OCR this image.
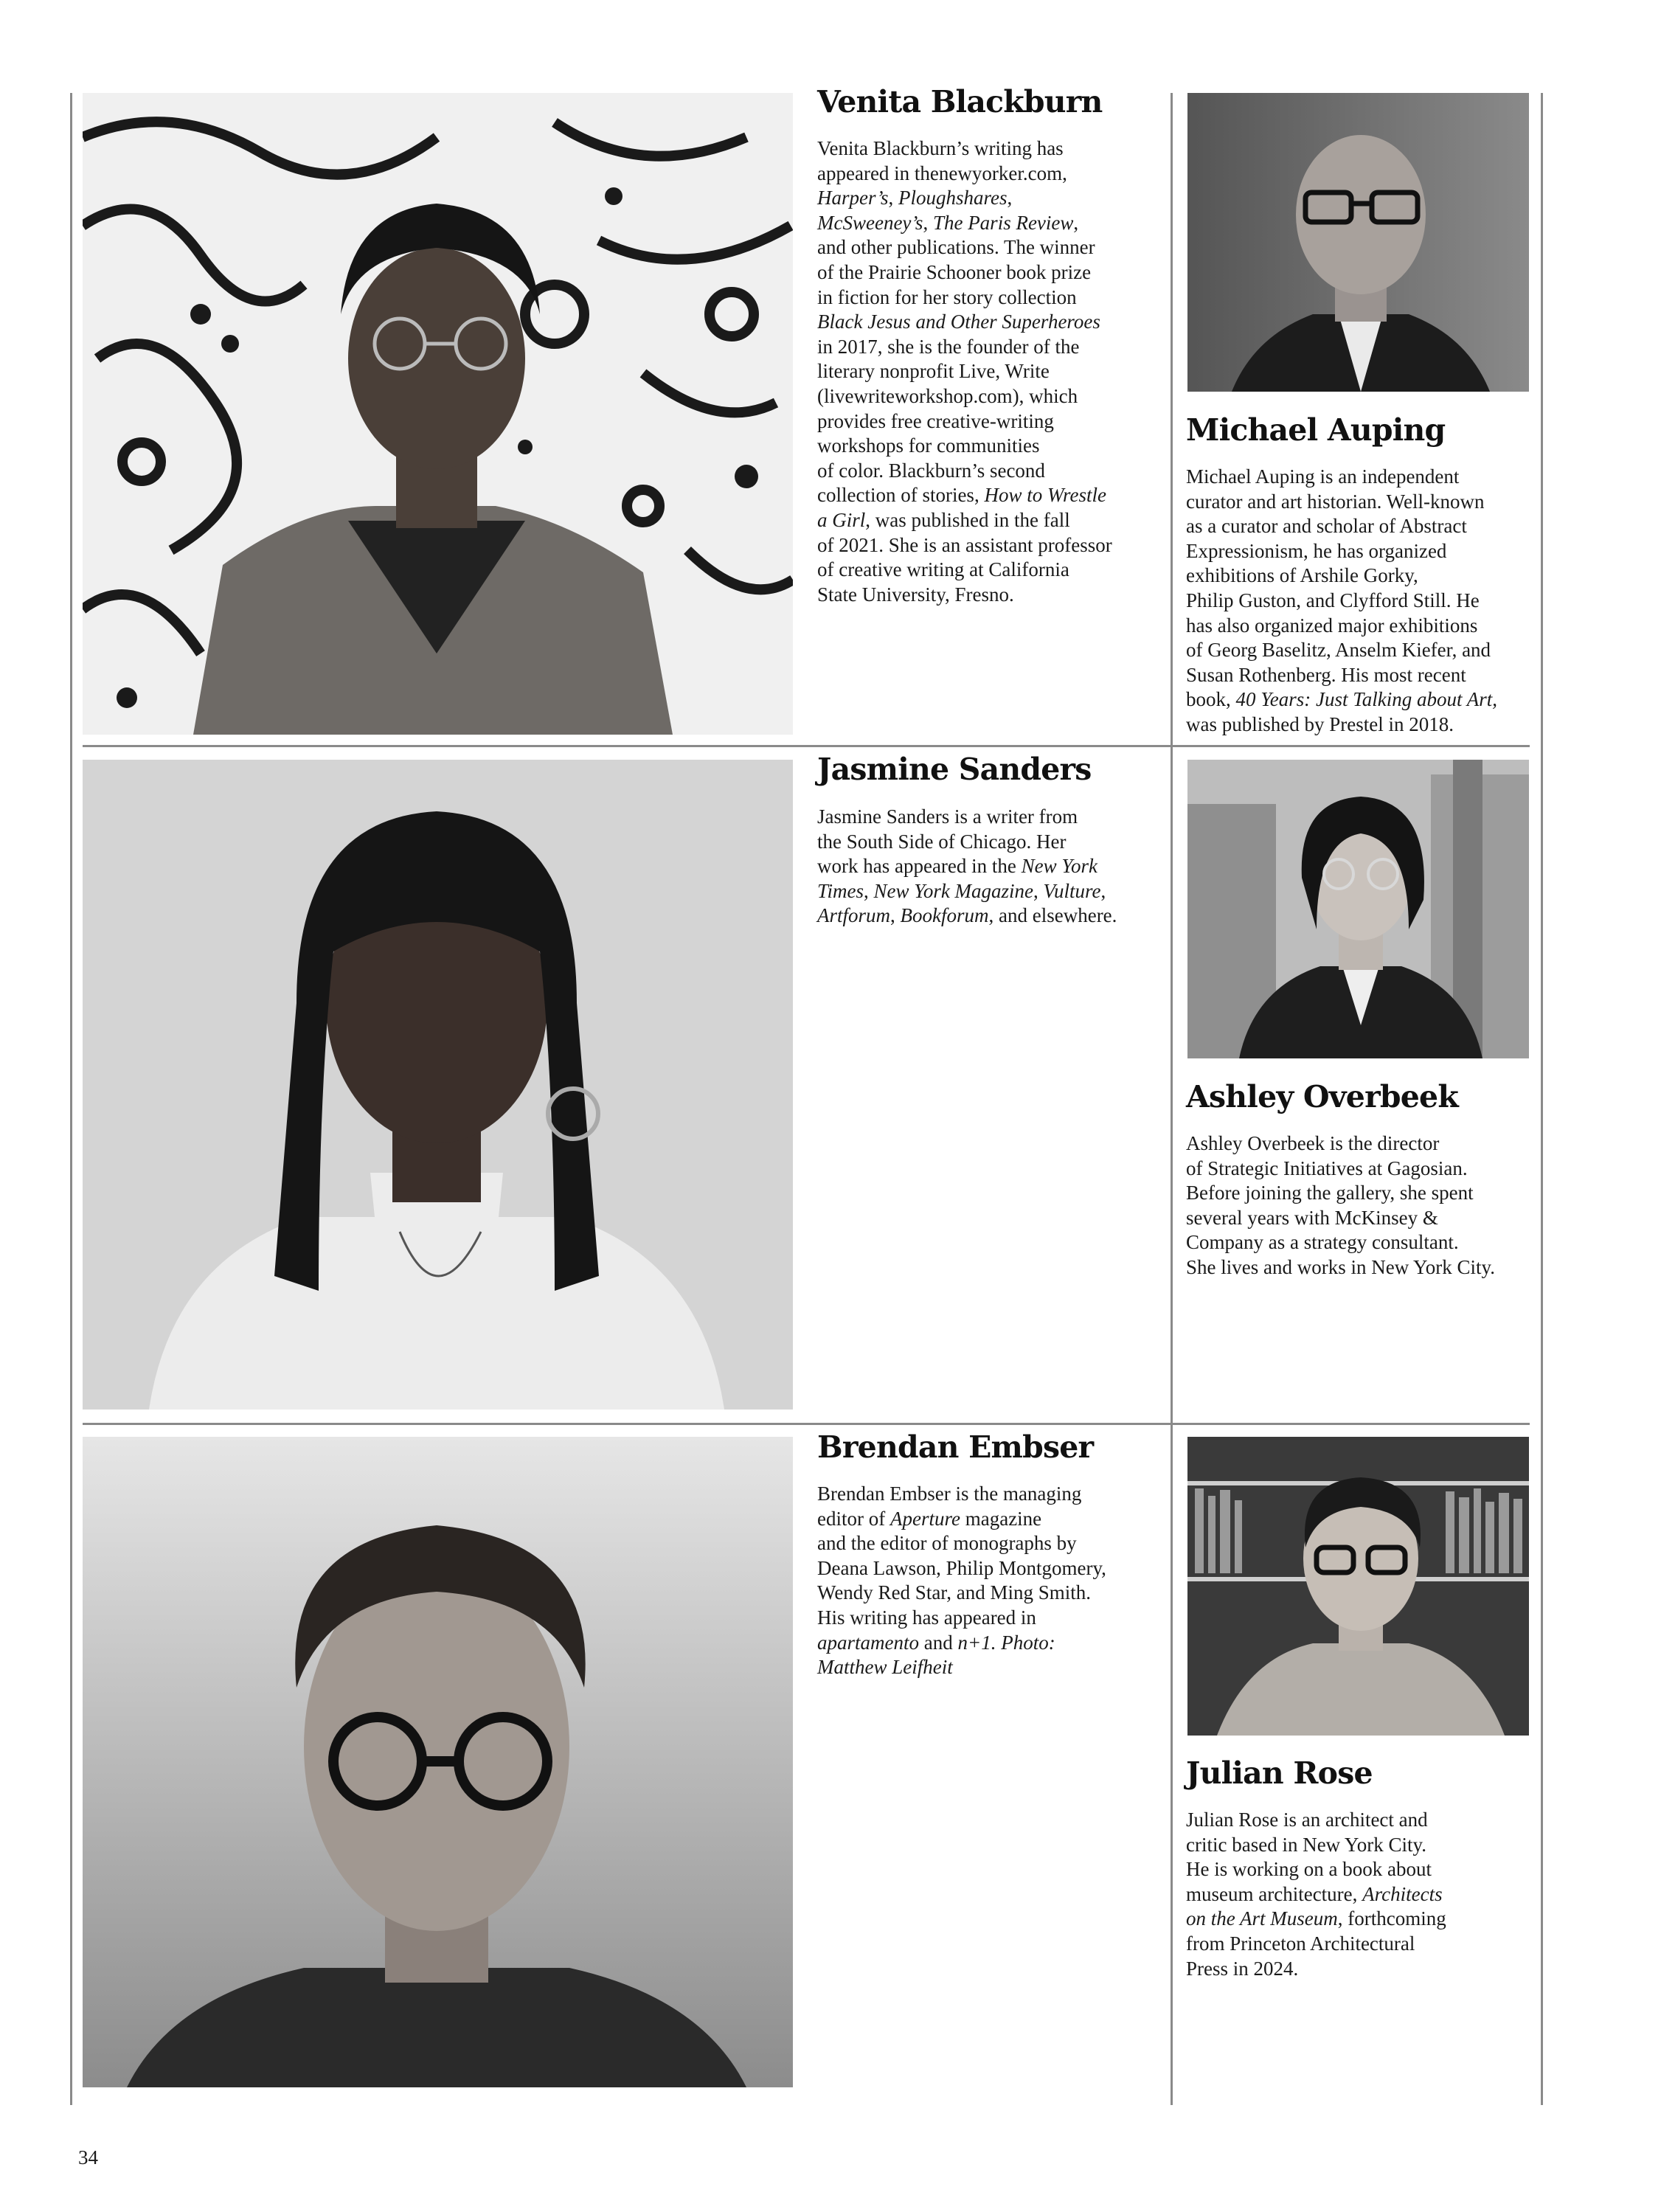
Venita Blackburn
Venita Blackburn’s writing has
appeared in thenewyorker.com,
Harper’s, Ploughshares,
McSweeney’s, The Paris Review,
and other publications. The winner
of the Prairie Schooner book prize
in fiction for her story collection
Black Jesus and Other Superheroes
in 2017, she is the founder of the
literary nonprofit Live, Write
(livewriteworkshop.com), which
provides free creative-writing
workshops for communities
of color. Blackburn’s second
collection of stories, How to Wrestle
a Girl, was published in the fall
of 2021. She is an assistant professor
of creative writing at California
State University, Fresno.
Michael Auping
Michael Auping is an independent
curator and art historian. Well-known
as a curator and scholar of Abstract
Expressionism, he has organized
exhibitions of Arshile Gorky,
Philip Guston, and Clyfford Still. He
has also organized major exhibitions
of Georg Baselitz, Anselm Kiefer, and
Susan Rothenberg. His most recent
book, 40 Years: Just Talking about Art,
was published by Prestel in 2018.
Jasmine Sanders
Jasmine Sanders is a writer from
the South Side of Chicago. Her
work has appeared in the New York
Times, New York Magazine, Vulture,
Artforum, Bookforum, and elsewhere.
Ashley Overbeek
Ashley Overbeek is the director
of Strategic Initiatives at Gagosian.
Before joining the gallery, she spent
several years with McKinsey &
Company as a strategy consultant.
She lives and works in New York City.
Brendan Embser
Brendan Embser is the managing
editor of Aperture magazine
and the editor of monographs by
Deana Lawson, Philip Montgomery,
Wendy Red Star, and Ming Smith.
His writing has appeared in
apartamento and n+1. Photo:
Matthew Leifheit
Julian Rose
Julian Rose is an architect and
critic based in New York City.
He is working on a book about
museum architecture, Architects
on the Art Museum, forthcoming
from Princeton Architectural
Press in 2024.
34
